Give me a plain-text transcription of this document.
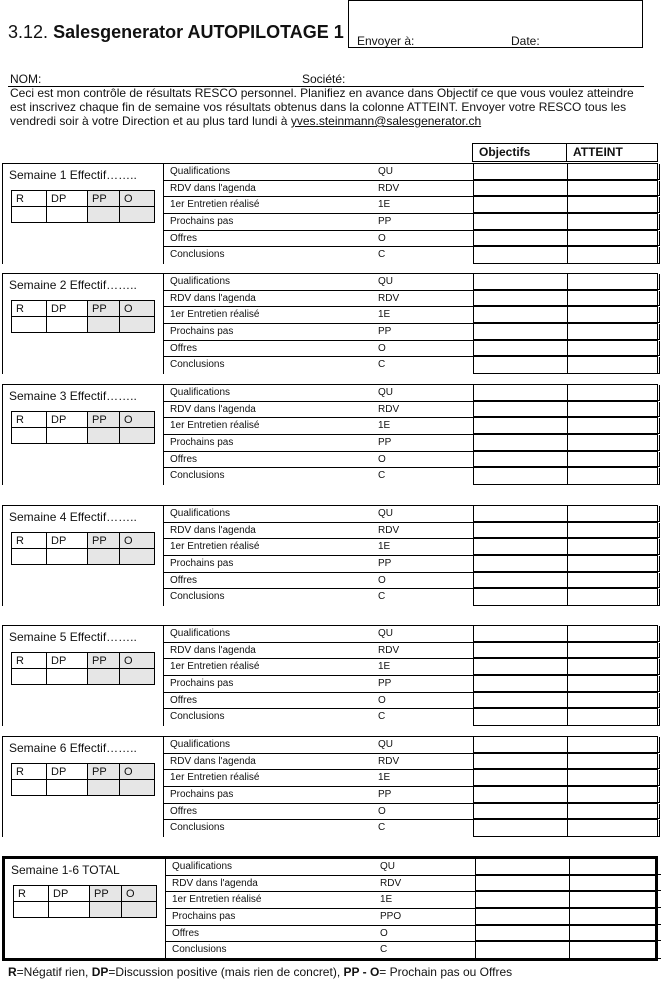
3.12. Salesgenerator AUTOPILOTAGE 1 Envoyer à:	Date:
NOM:	Société:
Ceci est mon contrôle de résultats RESCO personnel. Planifiez en avance dans Objectif ce que vous voulez atteindre est inscrivez chaque fin de semaine vos résultats obtenus dans la colonne ATTEINT. Envoyer votre RESCO tous les vendredi soir à votre Direction et au plus tard lundi à yves.steinmann@salesgenerator.ch
Objectifs	ATTEINT
Semaine 1 Effectif……..
R	DP	PP	O

Qualifications	QU
RDV dans l'agenda	RDV
1er Entretien réalisé	1E
Prochains pas	PP
Offres	O
Conclusions	C
Semaine 2 Effectif……..
R	DP	PP	O

Qualifications	QU
RDV dans l'agenda	RDV
1er Entretien réalisé	1E
Prochains pas	PP
Offres	O
Conclusions	C
Semaine 3 Effectif……..
R	DP	PP	O

Qualifications	QU
RDV dans l'agenda	RDV
1er Entretien réalisé	1E
Prochains pas	PP
Offres	O
Conclusions	C
Semaine 4 Effectif……..
R	DP	PP	O

Qualifications	QU
RDV dans l'agenda	RDV
1er Entretien réalisé	1E
Prochains pas	PP
Offres	O
Conclusions	C
Semaine 5 Effectif……..
R	DP	PP	O

Qualifications	QU
RDV dans l'agenda	RDV
1er Entretien réalisé	1E
Prochains pas	PP
Offres	O
Conclusions	C
Semaine 6 Effectif……..
R	DP	PP	O

Qualifications	QU
RDV dans l'agenda	RDV
1er Entretien réalisé	1E
Prochains pas	PP
Offres	O
Conclusions	C
Semaine 1-6 TOTAL
R	DP	PP	O

Qualifications	QU
RDV dans l'agenda	RDV
1er Entretien réalisé	1E
Prochains pas	PPO
Offres	O
Conclusions	C
R=Négatif rien, DP=Discussion positive (mais rien de concret), PP - O= Prochain pas ou Offres
